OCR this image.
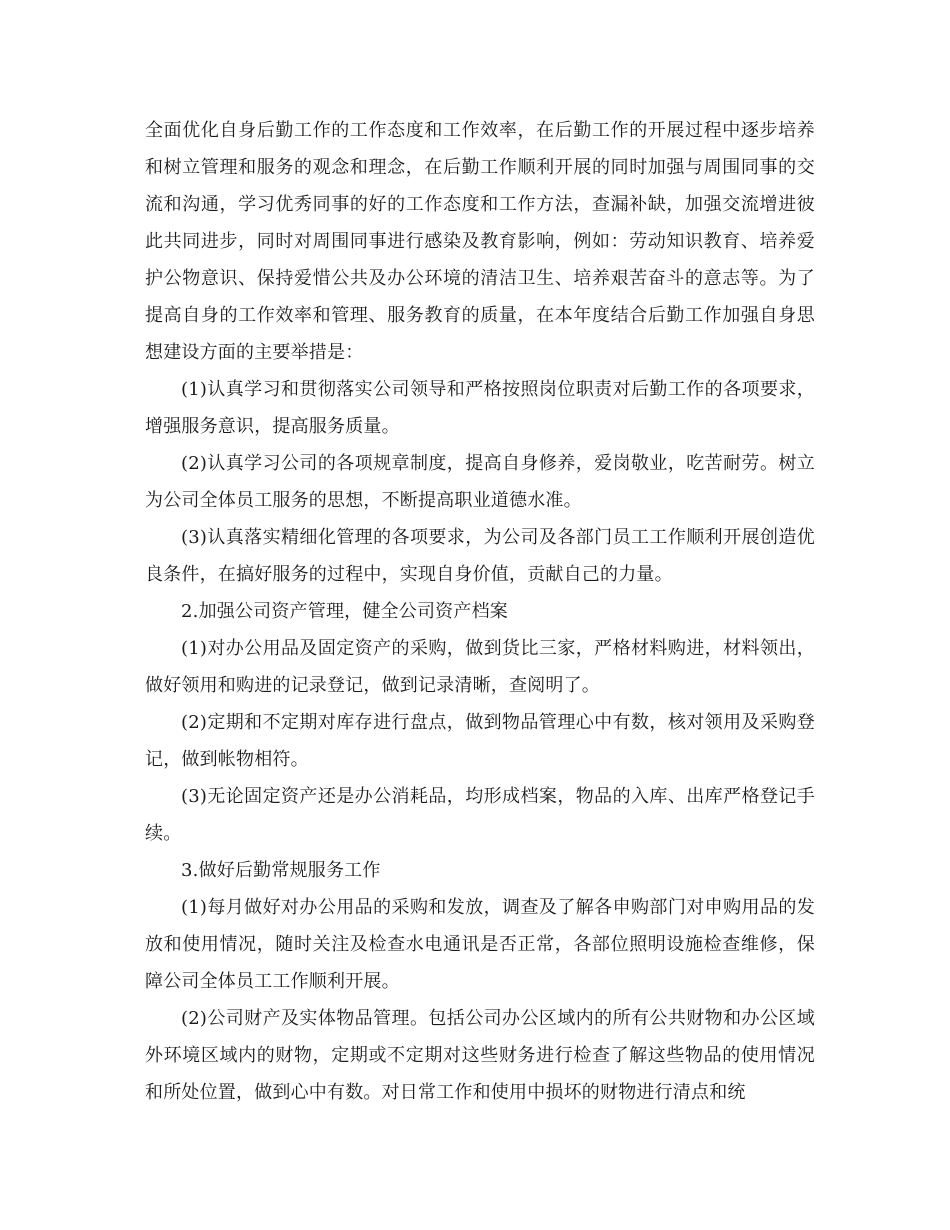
全面优化自身后勤工作的工作态度和工作效率，在后勤工作的开展过程中逐步培养和树立管理和服务的观念和理念，在后勤工作顺利开展的同时加强与周围同事的交流和沟通，学习优秀同事的好的工作态度和工作方法，查漏补缺，加强交流增进彼此共同进步，同时对周围同事进行感染及教育影响，例如：劳动知识教育、培养爱护公物意识、保持爱惜公共及办公环境的清洁卫生、培养艰苦奋斗的意志等。为了提高自身的工作效率和管理、服务教育的质量，在本年度结合后勤工作加强自身思想建设方面的主要举措是：

(1)认真学习和贯彻落实公司领导和严格按照岗位职责对后勤工作的各项要求，增强服务意识，提高服务质量。

(2)认真学习公司的各项规章制度，提高自身修养，爱岗敬业，吃苦耐劳。树立为公司全体员工服务的思想，不断提高职业道德水准。

(3)认真落实精细化管理的各项要求，为公司及各部门员工工作顺利开展创造优良条件，在搞好服务的过程中，实现自身价值，贡献自己的力量。

2.加强公司资产管理，健全公司资产档案

(1)对办公用品及固定资产的采购，做到货比三家，严格材料购进，材料领出，做好领用和购进的记录登记，做到记录清晰，查阅明了。

(2)定期和不定期对库存进行盘点，做到物品管理心中有数，核对领用及采购登记，做到帐物相符。

(3)无论固定资产还是办公消耗品，均形成档案，物品的入库、出库严格登记手续。

3.做好后勤常规服务工作

(1)每月做好对办公用品的采购和发放，调查及了解各申购部门对申购用品的发放和使用情况，随时关注及检查水电通讯是否正常，各部位照明设施检查维修，保障公司全体员工工作顺利开展。

(2)公司财产及实体物品管理。包括公司办公区域内的所有公共财物和办公区域外环境区域内的财物，定期或不定期对这些财务进行检查了解这些物品的使用情况和所处位置，做到心中有数。对日常工作和使用中损坏的财物进行清点和统
